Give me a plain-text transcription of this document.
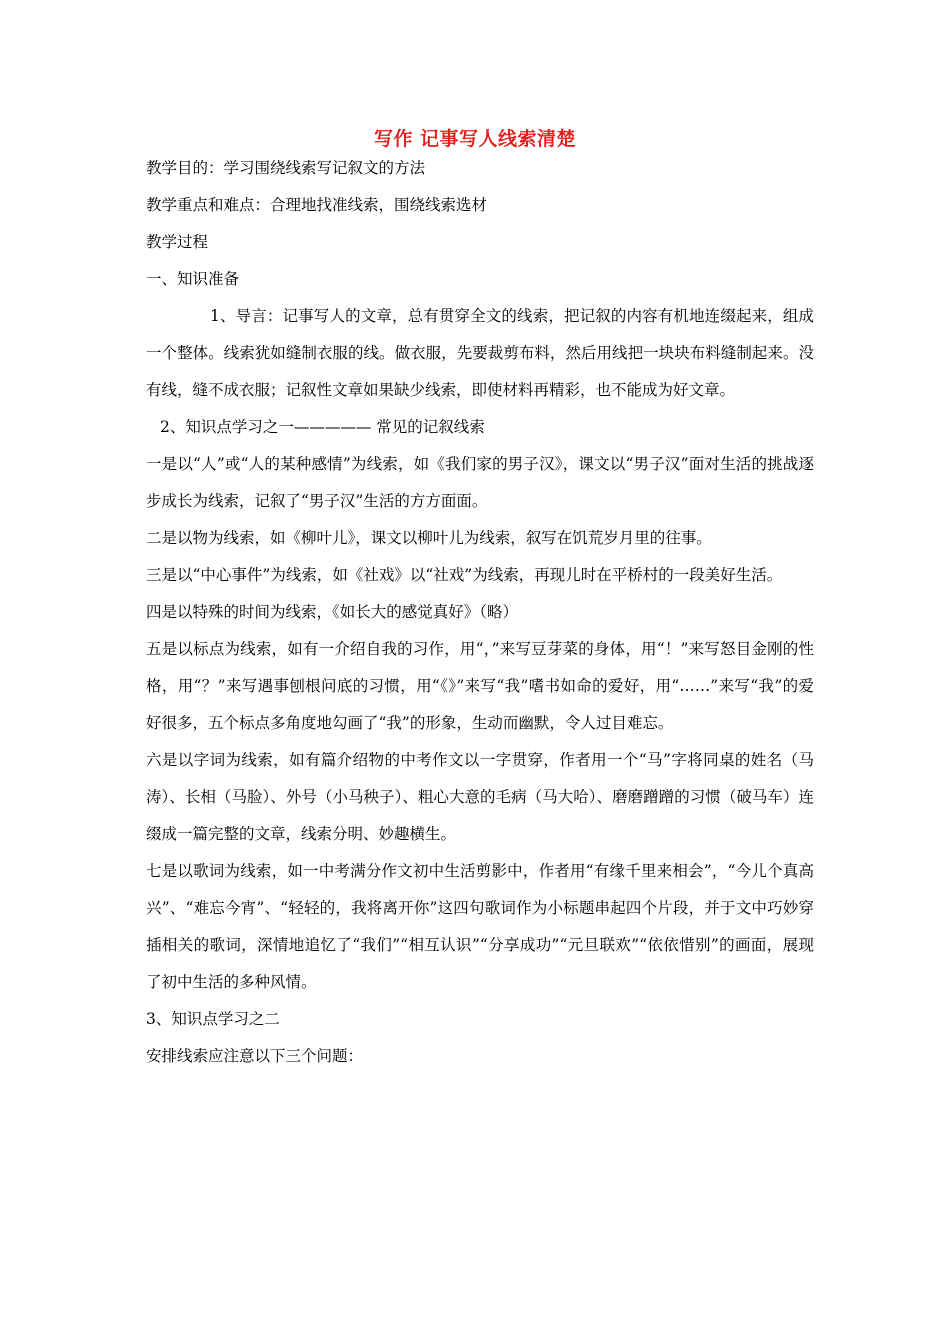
写作 记事写人线索清楚

教学目的：学习围绕线索写记叙文的方法

教学重点和难点：合理地找准线索，围绕线索选材

教学过程

一、知识准备

1、导言：记事写人的文章，总有贯穿全文的线索，把记叙的内容有机地连缀起来，组成一个整体。线索犹如缝制衣服的线。做衣服，先要裁剪布料，然后用线把一块块布料缝制起来。没有线，缝不成衣服；记叙性文章如果缺少线索，即使材料再精彩，也不能成为好文章。

2、知识点学习之一————— 常见的记叙线索

一是以“人”或“人的某种感情”为线索，如《我们家的男子汉》，课文以“男子汉”面对生活的挑战逐步成长为线索，记叙了“男子汉”生活的方方面面。

二是以物为线索，如《柳叶儿》，课文以柳叶儿为线索，叙写在饥荒岁月里的往事。

三是以“中心事件”为线索，如《社戏》以“社戏”为线索，再现儿时在平桥村的一段美好生活。

四是以特殊的时间为线索，《如长大的感觉真好》（略）

五是以标点为线索，如有一介绍自我的习作，用“，”来写豆芽菜的身体，用“！”来写怒目金刚的性格，用“？”来写遇事刨根问底的习惯，用“《》”来写“我”嗜书如命的爱好，用“……”来写“我”的爱好很多，五个标点多角度地勾画了“我”的形象，生动而幽默，令人过目难忘。

六是以字词为线索，如有篇介绍物的中考作文以一字贯穿，作者用一个“马”字将同桌的姓名（马涛）、长相（马脸）、外号（小马秧子）、粗心大意的毛病（马大哈）、磨磨蹭蹭的习惯（破马车）连缀成一篇完整的文章，线索分明、妙趣横生。

七是以歌词为线索，如一中考满分作文初中生活剪影中，作者用“有缘千里来相会”，“今儿个真高兴”、“难忘今宵”、“轻轻的，我将离开你”这四句歌词作为小标题串起四个片段，并于文中巧妙穿插相关的歌词，深情地追忆了“我们”“相互认识”“分享成功”“元旦联欢”“依依惜别”的画面，展现了初中生活的多种风情。

3、知识点学习之二

安排线索应注意以下三个问题：
